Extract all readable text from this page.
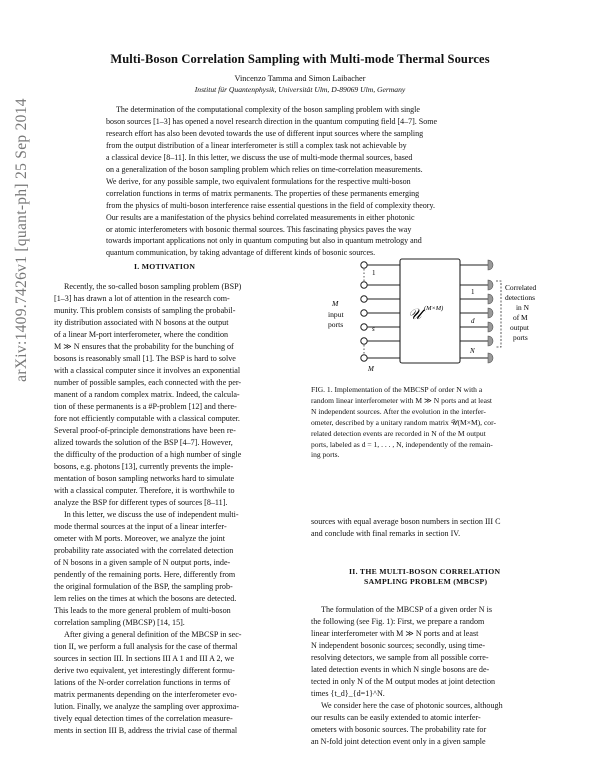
Multi-Boson Correlation Sampling with Multi-mode Thermal Sources
Vincenzo Tamma and Simon Laibacher
Institut für Quantenphysik, Universität Ulm, D-89069 Ulm, Germany
arXiv:1409.7426v1 [quant-ph] 25 Sep 2014	The determination of the computational complexity of the boson sampling problem with single
boson sources [1–3] has opened a novel research direction in the quantum computing field [4–7]. Some
research effort has also been devoted towards the use of different input sources where the sampling
from the output distribution of a linear interferometer is still a complex task not achievable by
a classical device [8–11]. In this letter, we discuss the use of multi-mode thermal sources, based
on a generalization of the boson sampling problem which relies on time-correlation measurements.
We derive, for any possible sample, two equivalent formulations for the respective multi-boson
correlation functions in terms of matrix permanents. The properties of these permanents emerging
from the physics of multi-boson interference raise essential questions in the field of complexity theory.
Our results are a manifestation of the physics behind correlated measurements in either photonic
or atomic interferometers with bosonic thermal sources. This fascinating physics paves the way
towards important applications not only in quantum computing but also in quantum metrology and
quantum communication, by taking advantage of different kinds of bosonic sources.
I. MOTIVATION
Recently, the so-called boson sampling problem (BSP)
[1–3] has drawn a lot of attention in the research com-
munity. This problem consists of sampling the probabil-
ity distribution associated with N bosons at the output
of a linear M-port interferometer, where the condition
M ≫ N ensures that the probability for the bunching of
bosons is reasonably small [1]. The BSP is hard to solve
with a classical computer since it involves an exponential
number of possible samples, each connected with the per-
manent of a random complex matrix. Indeed, the calcula-
tion of these permanents is a #P-problem [12] and there-
fore not efficiently computable with a classical computer.
Several proof-of-principle demonstrations have been re-
alized towards the solution of the BSP [4–7]. However,
the difficulty of the production of a high number of single
bosons, e.g. photons [13], currently prevents the imple-
mentation of boson sampling networks hard to simulate
with a classical computer. Therefore, it is worthwhile to
analyze the BSP for different types of sources [8–11].
In this letter, we discuss the use of independent multi-
mode thermal sources at the input of a linear interfer-
ometer with M ports. Moreover, we analyze the joint
probability rate associated with the correlated detection
of N bosons in a given sample of N output ports, inde-
pendently of the remaining ports. Here, differently from
the original formulation of the BSP, the sampling prob-
lem relies on the times at which the bosons are detected.
This leads to the more general problem of multi-boson
correlation sampling (MBCSP) [14, 15].
After giving a general definition of the MBCSP in sec-
tion II, we perform a full analysis for the case of thermal
sources in section III. In sections III A 1 and III A 2, we
derive two equivalent, yet interestingly different formu-
lations of the N-order correlation functions in terms of
matrix permanents depending on the interferometer evo-
lution. Finally, we analyze the sampling over approxima-
tively equal detection times of the correlation measure-
ments in section III B, address the trivial case of thermal
M
input
ports
1
s
M
𝒰 (M×M)
1
d
N
Correlated
detections
in N
of M
output
ports
FIG. 1. Implementation of the MBCSP of order N with a
random linear interferometer with M ≫ N ports and at least
N independent sources. After the evolution in the interfer-
ometer, described by a unitary random matrix 𝒰(M×M), cor-
related detection events are recorded in N of the M output
ports, labeled as d = 1, . . . , N, independently of the remain-
ing ports.
sources with equal average boson numbers in section III C
and conclude with final remarks in section IV.
II. THE MULTI-BOSON CORRELATION
SAMPLING PROBLEM (MBCSP)
The formulation of the MBCSP of a given order N is
the following (see Fig. 1): First, we prepare a random
linear interferometer with M ≫ N ports and at least
N independent bosonic sources; secondly, using time-
resolving detectors, we sample from all possible corre-
lated detection events in which N single bosons are de-
tected in only N of the M output modes at joint detection
times {t_d}_{d=1}^N.
We consider here the case of photonic sources, although
our results can be easily extended to atomic interfer-
ometers with bosonic sources. The probability rate for
an N-fold joint detection event only in a given sample
